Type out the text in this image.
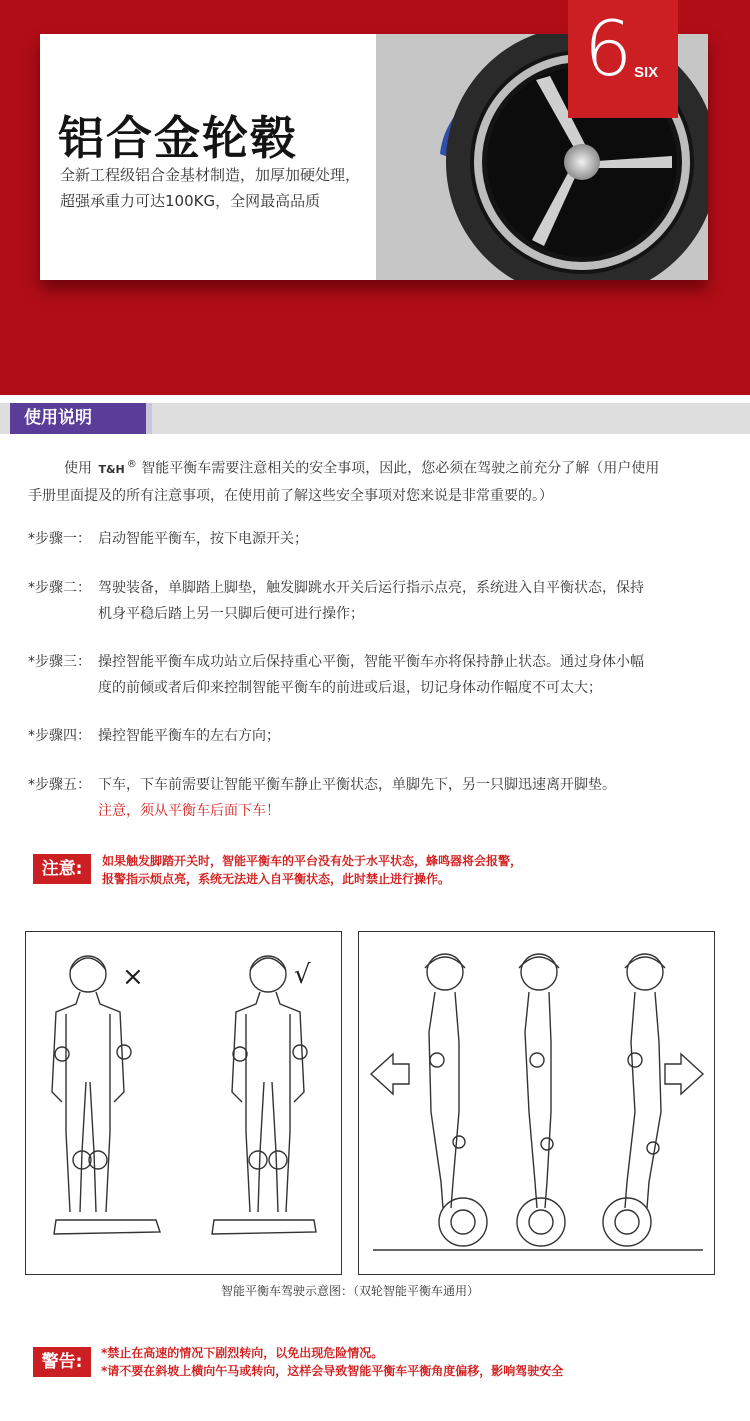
铝合金轮毂
全新工程级铝合金基材制造，加厚加硬处理，
超强承重力可达100KG，全网最高品质
6 SIX
使用说明
使用 T&H ® 智能平衡车需要注意相关的安全事项，因此，您必须在驾驶之前充分了解（用户使用
手册里面提及的所有注意事项，在使用前了解这些安全事项对您来说是非常重要的。）
*步骤一： 启动智能平衡车，按下电源开关；
*步骤二： 驾驶装备，单脚踏上脚垫，触发脚跳水开关后运行指示点亮，系统进入自平衡状态，保持
机身平稳后踏上另一只脚后便可进行操作；
*步骤三： 操控智能平衡车成功站立后保持重心平衡，智能平衡车亦将保持静止状态。通过身体小幅
度的前倾或者后仰来控制智能平衡车的前进或后退，切记身体动作幅度不可太大；
*步骤四： 操控智能平衡车的左右方向；
*步骤五： 下车，下车前需要让智能平衡车静止平衡状态，单脚先下，另一只脚迅速离开脚垫。
注意，须从平衡车后面下车！
注意:	如果触发脚踏开关时，智能平衡车的平台没有处于水平状态，蜂鸣器将会报警，
报警指示烦点亮，系统无法进入自平衡状态，此时禁止进行操作。
×	√
智能平衡车驾驶示意图：（双轮智能平衡车通用）
警告:	*禁止在高速的情况下剧烈转向，以免出现危险情况。
*请不要在斜坡上横向午马或转向，这样会导致智能平衡车平衡角度偏移，影响驾驶安全
